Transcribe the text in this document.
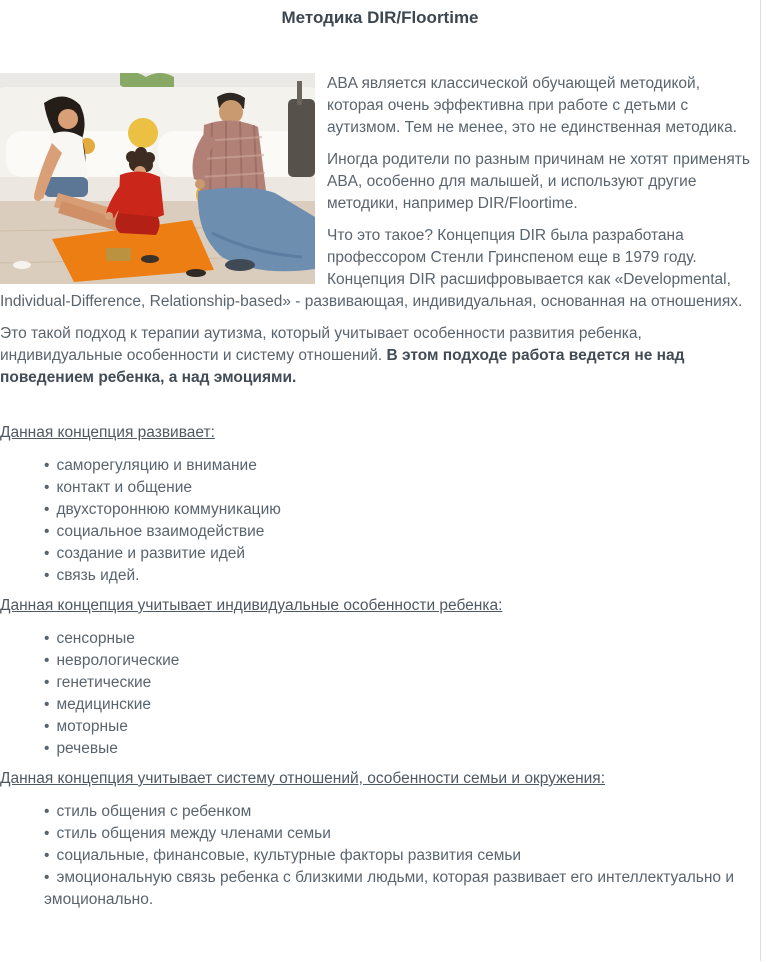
Методика DIR/Floortime

ABA является классической обучающей методикой, которая очень эффективна при работе с детьми с аутизмом. Тем не менее, это не единственная методика.

Иногда родители по разным причинам не хотят применять ABA, особенно для малышей, и используют другие методики, например DIR/Floortime.

Что это такое? Концепция DIR была разработана профессором Стенли Гринспеном еще в 1979 году. Концепция DIR расшифровывается как «Developmental, Individual-Difference, Relationship-based» - развивающая, индивидуальная, основанная на отношениях.

Это такой подход к терапии аутизма, который учитывает особенности развития ребенка, индивидуальные особенности и систему отношений. В этом подходе работа ведется не над поведением ребенка, а над эмоциями.

Данная концепция развивает:
• саморегуляцию и внимание
• контакт и общение
• двухстороннюю коммуникацию
• социальное взаимодействие
• создание и развитие идей
• связь идей.
Данная концепция учитывает индивидуальные особенности ребенка:
• сенсорные
• неврологические
• генетические
• медицинские
• моторные
• речевые
Данная концепция учитывает систему отношений, особенности семьи и окружения:
• стиль общения с ребенком
• стиль общения между членами семьи
• социальные, финансовые, культурные факторы развития семьи
• эмоциональную связь ребенка с близкими людьми, которая развивает его интеллектуально и эмоционально.
